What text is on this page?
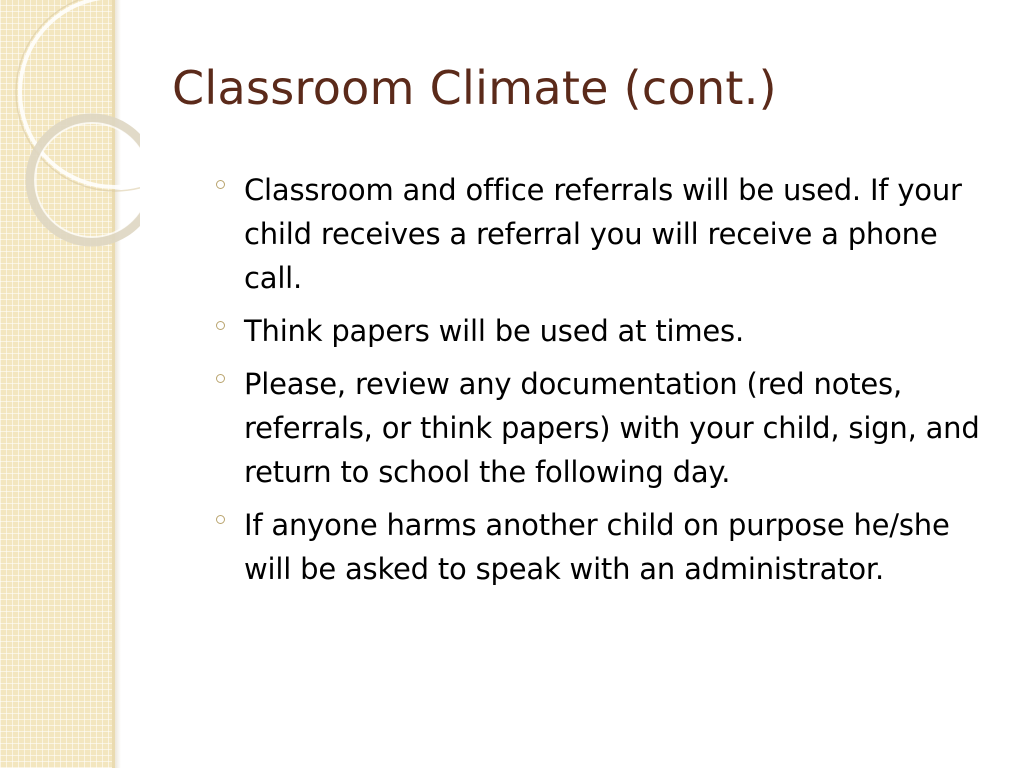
Classroom Climate (cont.)
Classroom and office referrals will be used. If your child receives a referral you will receive a phone call.
Think papers will be used at times.
Please, review any documentation (red notes, referrals, or think papers) with your child, sign, and return to school the following day.
If anyone harms another child on purpose he/she will be asked to speak with an administrator.
